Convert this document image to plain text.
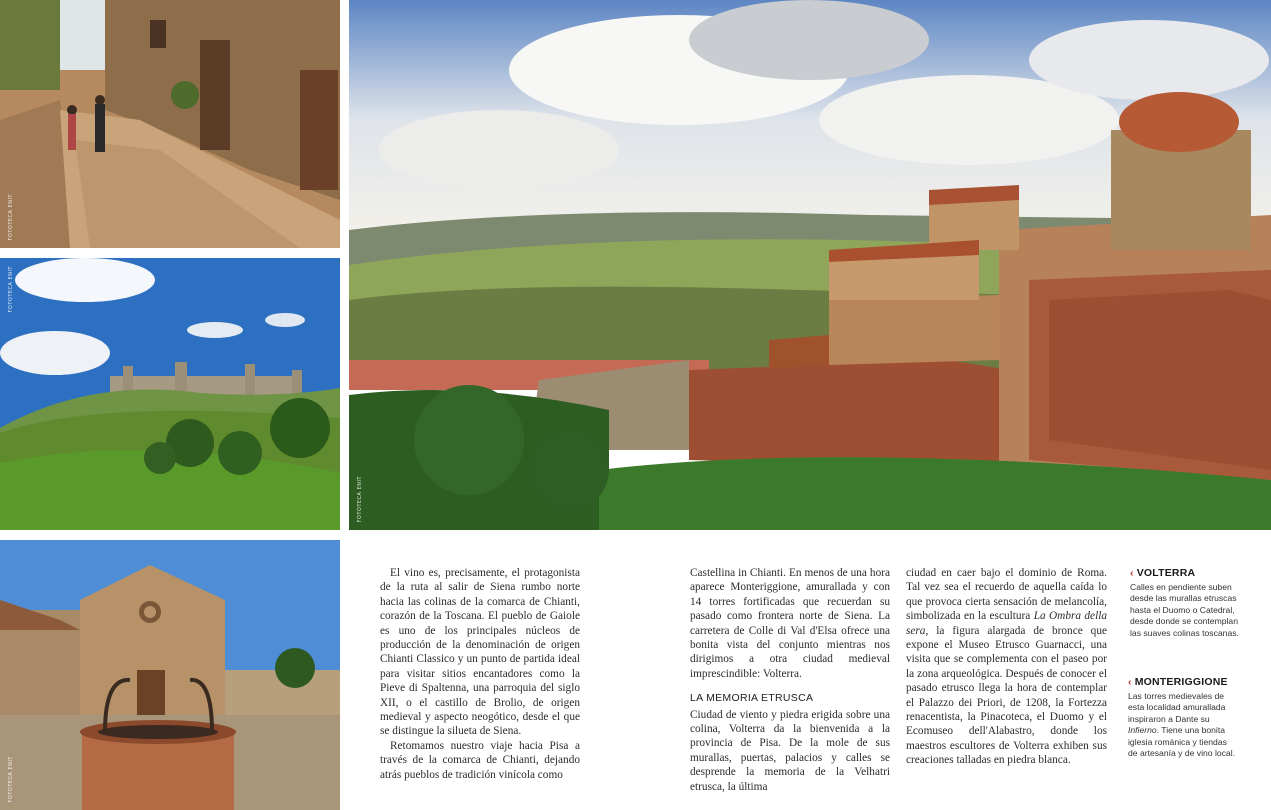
FOTOTECA ENIT
FOTOTECA ENIT
FOTOTECA ENIT
FOTOTECA ENIT

El vino es, precisamente, el protagonista de la ruta al salir de Siena rumbo norte hacia las colinas de la comarca de Chianti, corazón de la Toscana. El pueblo de Gaiole es uno de los principales núcleos de producción de la denominación de origen Chianti Classico y un punto de partida ideal para visitar sitios encantadores como la Pieve di Spaltenna, una parroquia del siglo XII, o el castillo de Brolio, de origen medieval y aspecto neogótico, desde el que se distingue la silueta de Siena.

Retomamos nuestro viaje hacia Pisa a través de la comarca de Chianti, dejando atrás pueblos de tradición vinícola como

Castellina in Chianti. En menos de una hora aparece Monteriggione, amurallada y con 14 torres fortificadas que recuerdan su pasado como frontera norte de Siena. La carretera de Colle di Val d'Elsa ofrece una bonita vista del conjunto mientras nos dirigimos a otra ciudad medieval imprescindible: Volterra.

LA MEMORIA ETRUSCA

Ciudad de viento y piedra erigida sobre una colina, Volterra da la bienvenida a la provincia de Pisa. De la mole de sus murallas, puertas, palacios y calles se desprende la memoria de la Velhatri etrusca, la última

ciudad en caer bajo el dominio de Roma. Tal vez sea el recuerdo de aquella caída lo que provoca cierta sensación de melancolía, simbolizada en la escultura La Ombra della sera, la figura alargada de bronce que expone el Museo Etrusco Guarnacci, una visita que se complementa con el paseo por la zona arqueológica. Después de conocer el pasado etrusco llega la hora de contemplar el Palazzo dei Priori, de 1208, la Fortezza renacentista, la Pinacoteca, el Duomo y el Ecomuseo dell'Alabastro, donde los maestros escultores de Volterra exhiben sus creaciones talladas en piedra blanca.

‹ VOLTERRA
Calles en pendiente suben desde las murallas etruscas hasta el Duomo o Catedral, desde donde se contemplan las suaves colinas toscanas.
‹ MONTERIGGIONE
Las torres medievales de esta localidad amurallada inspiraron a Dante su Infierno. Tiene una bonita iglesia románica y tiendas de artesanía y de vino local.
